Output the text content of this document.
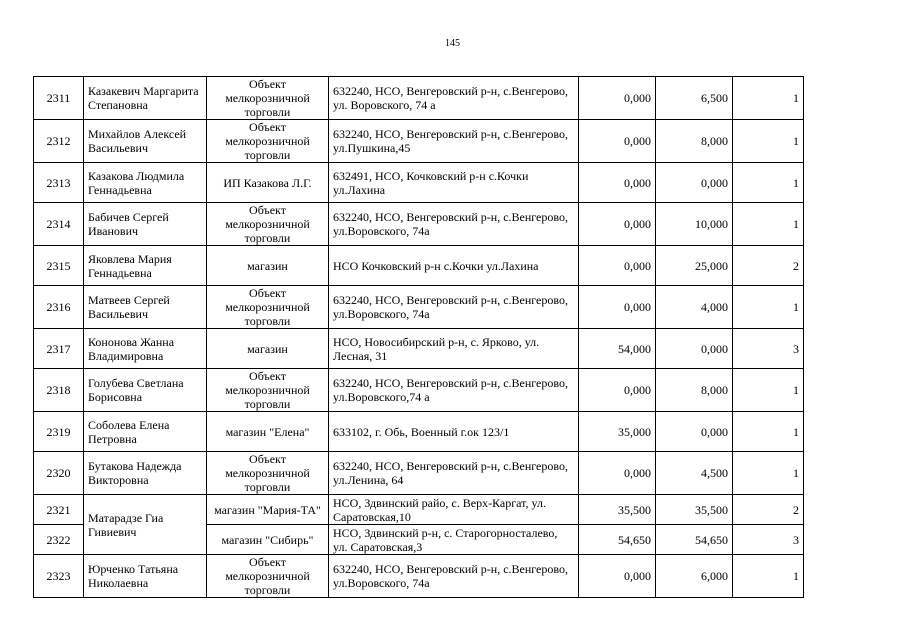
145
2311	Казакевич Маргарита Степановна	Объект мелкорозничной торговли	632240, НСО, Венгеровский р-н, с.Венгерово, ул. Воровского, 74 а	0,000	6,500	1
2312	Михайлов Алексей Васильевич	Объект мелкорозничной торговли	632240, НСО, Венгеровский р-н, с.Венгерово, ул.Пушкина,45	0,000	8,000	1
2313	Казакова Людмила Геннадьевна	ИП Казакова Л.Г.	632491, НСО, Кочковский р-н с.Кочки ул.Лахина	0,000	0,000	1
2314	Бабичев Сергей Иванович	Объект мелкорозничной торговли	632240, НСО, Венгеровский р-н, с.Венгерово, ул.Воровского, 74а	0,000	10,000	1
2315	Яковлева Мария Геннадьевна	магазин	НСО Кочковский р-н с.Кочки ул.Лахина	0,000	25,000	2
2316	Матвеев Сергей Васильевич	Объект мелкорозничной торговли	632240, НСО, Венгеровский р-н, с.Венгерово, ул.Воровского, 74а	0,000	4,000	1
2317	Кононова Жанна Владимировна	магазин	НСО, Новосибирский р-н, с. Ярково, ул. Лесная, 31	54,000	0,000	3
2318	Голубева Светлана Борисовна	Объект мелкорозничной торговли	632240, НСО, Венгеровский р-н, с.Венгерово, ул.Воровского,74 а	0,000	8,000	1
2319	Соболева Елена Петровна	магазин "Елена"	633102, г. Обь, Военный г.ок 123/1	35,000	0,000	1
2320	Бутакова Надежда Викторовна	Объект мелкорозничной торговли	632240, НСО, Венгеровский р-н, с.Венгерово, ул.Ленина, 64	0,000	4,500	1
2321	Матарадзе Гиа Гивиевич	магазин "Мария-ТА"	НСО, Здвинский райо, с. Верх-Каргат, ул. Саратовская,10	35,500	35,500	2
2322		магазин "Сибирь"	НСО, Здвинский р-н, с. Старогорносталево, ул. Саратовская,3	54,650	54,650	3
2323	Юрченко Татьяна Николаевна	Объект мелкорозничной торговли	632240, НСО, Венгеровский р-н, с.Венгерово, ул.Воровского, 74а	0,000	6,000	1
